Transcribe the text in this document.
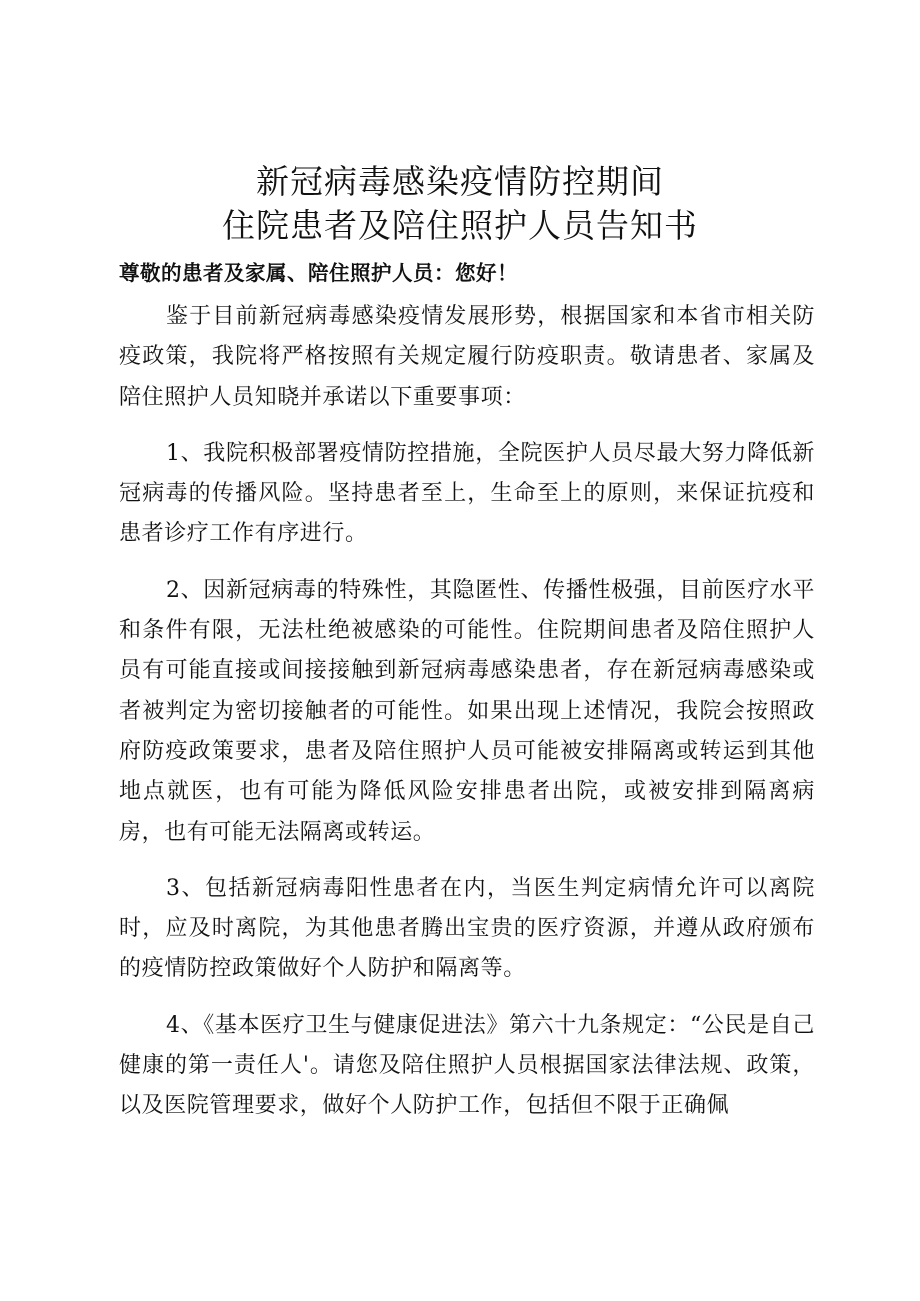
新冠病毒感染疫情防控期间
住院患者及陪住照护人员告知书

尊敬的患者及家属、陪住照护人员：您好！

鉴于目前新冠病毒感染疫情发展形势，根据国家和本省市相关防疫政策，我院将严格按照有关规定履行防疫职责。敬请患者、家属及陪住照护人员知晓并承诺以下重要事项：

1、我院积极部署疫情防控措施，全院医护人员尽最大努力降低新冠病毒的传播风险。坚持患者至上，生命至上的原则，来保证抗疫和患者诊疗工作有序进行。

2、因新冠病毒的特殊性，其隐匿性、传播性极强，目前医疗水平和条件有限，无法杜绝被感染的可能性。住院期间患者及陪住照护人员有可能直接或间接接触到新冠病毒感染患者，存在新冠病毒感染或者被判定为密切接触者的可能性。如果出现上述情况，我院会按照政府防疫政策要求，患者及陪住照护人员可能被安排隔离或转运到其他地点就医，也有可能为降低风险安排患者出院，或被安排到隔离病房，也有可能无法隔离或转运。

3、包括新冠病毒阳性患者在内，当医生判定病情允许可以离院时，应及时离院，为其他患者腾出宝贵的医疗资源，并遵从政府颁布的疫情防控政策做好个人防护和隔离等。

4、《基本医疗卫生与健康促进法》第六十九条规定：“公民是自己健康的第一责任人'。请您及陪住照护人员根据国家法律法规、政策，以及医院管理要求，做好个人防护工作，包括但不限于正确佩
